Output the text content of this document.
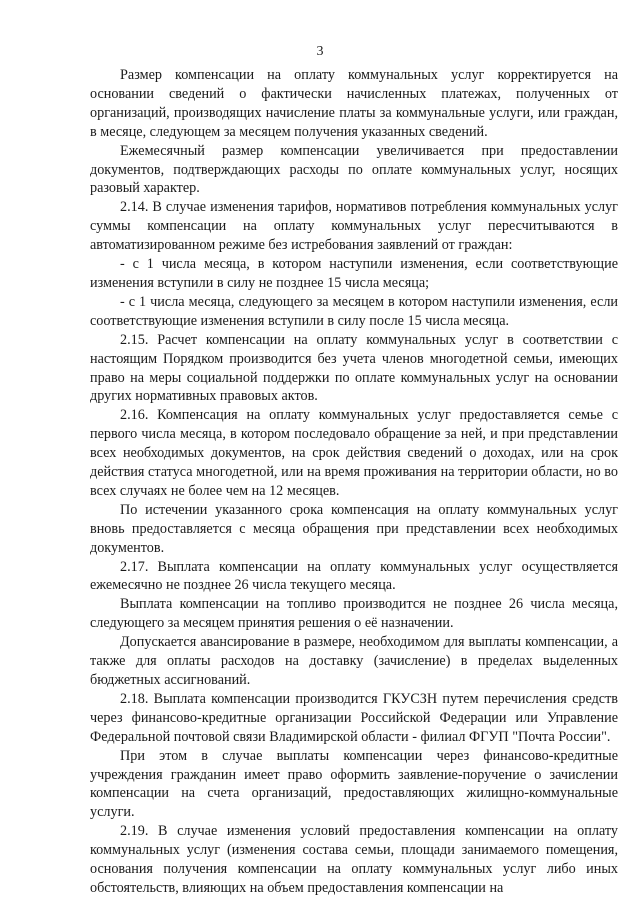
3

Размер компенсации на оплату коммунальных услуг корректируется на основании сведений о фактически начисленных платежах, полученных от организаций, производящих начисление платы за коммунальные услуги, или граждан, в месяце, следующем за месяцем получения указанных сведений.

Ежемесячный размер компенсации увеличивается при предоставлении документов, подтверждающих расходы по оплате коммунальных услуг, носящих разовый характер.

2.14. В случае изменения тарифов, нормативов потребления коммунальных услуг суммы компенсации на оплату коммунальных услуг пересчитываются в автоматизированном режиме без истребования заявлений от граждан:

- с 1 числа месяца, в котором наступили изменения, если соответствующие изменения вступили в силу не позднее 15 числа месяца;

- с 1 числа месяца, следующего за месяцем в котором наступили изменения, если соответствующие изменения вступили в силу после 15 числа месяца.

2.15. Расчет компенсации на оплату коммунальных услуг в соответствии с настоящим Порядком производится без учета членов многодетной семьи, имеющих право на меры социальной поддержки по оплате коммунальных услуг на основании других нормативных правовых актов.

2.16. Компенсация на оплату коммунальных услуг предоставляется семье с первого числа месяца, в котором последовало обращение за ней, и при представлении всех необходимых документов, на срок действия сведений о доходах, или на срок действия статуса многодетной, или на время проживания на территории области, но во всех случаях не более чем на 12 месяцев.

По истечении указанного срока компенсация на оплату коммунальных услуг вновь предоставляется с месяца обращения при представлении всех необходимых документов.

2.17. Выплата компенсации на оплату коммунальных услуг осуществляется ежемесячно не позднее 26 числа текущего месяца.

Выплата компенсации на топливо производится не позднее 26 числа месяца, следующего за месяцем принятия решения о её назначении.

Допускается авансирование в размере, необходимом для выплаты компенсации, а также для оплаты расходов на доставку (зачисление) в пределах выделенных бюджетных ассигнований.

2.18. Выплата компенсации производится ГКУСЗН путем перечисления средств через финансово-кредитные организации Российской Федерации или Управление Федеральной почтовой связи Владимирской области - филиал ФГУП "Почта России".

При этом в случае выплаты компенсации через финансово-кредитные учреждения гражданин имеет право оформить заявление-поручение о зачислении компенсации на счета организаций, предоставляющих жилищно-коммунальные услуги.

2.19. В случае изменения условий предоставления компенсации на оплату коммунальных услуг (изменения состава семьи, площади занимаемого помещения, основания получения компенсации на оплату коммунальных услуг либо иных обстоятельств, влияющих на объем предоставления компенсации на
